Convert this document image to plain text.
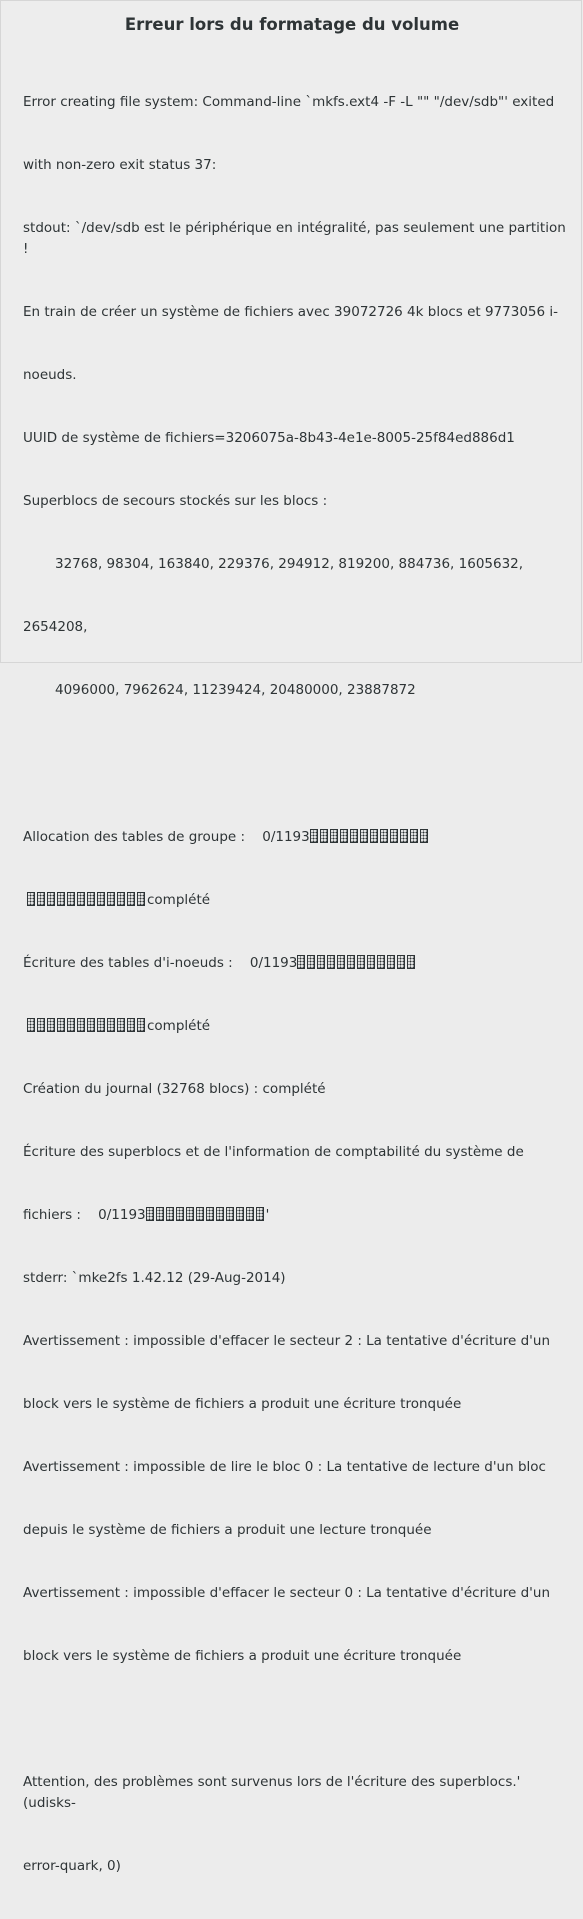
Erreur lors du formatage du volume

Error creating file system: Command-line `mkfs.ext4 -F -L "" "/dev/sdb"' exited

with non-zero exit status 37:

stdout: `/dev/sdb est le périphérique en intégralité, pas seulement une partition !

En train de créer un système de fichiers avec 39072726 4k blocs et 9773056 i-

noeuds.

UUID de système de fichiers=3206075a-8b43-4e1e-8005-25f84ed886d1

Superblocs de secours stockés sur les blocs :

32768, 98304, 163840, 229376, 294912, 819200, 884736, 1605632,

2654208,

4096000, 7962624, 11239424, 20480000, 23887872

Allocation des tables de groupe :    0/1193

complété

Écriture des tables d'i-noeuds :    0/1193

complété

Création du journal (32768 blocs) : complété

Écriture des superblocs et de l'information de comptabilité du système de

fichiers :    0/1193	'

stderr: `mke2fs 1.42.12 (29-Aug-2014)

Avertissement : impossible d'effacer le secteur 2 : La tentative d'écriture d'un

block vers le système de fichiers a produit une écriture tronquée

Avertissement : impossible de lire le bloc 0 : La tentative de lecture d'un bloc

depuis le système de fichiers a produit une lecture tronquée

Avertissement : impossible d'effacer le secteur 0 : La tentative d'écriture d'un

block vers le système de fichiers a produit une écriture tronquée

Attention, des problèmes sont survenus lors de l'écriture des superblocs.' (udisks-

error-quark, 0)
